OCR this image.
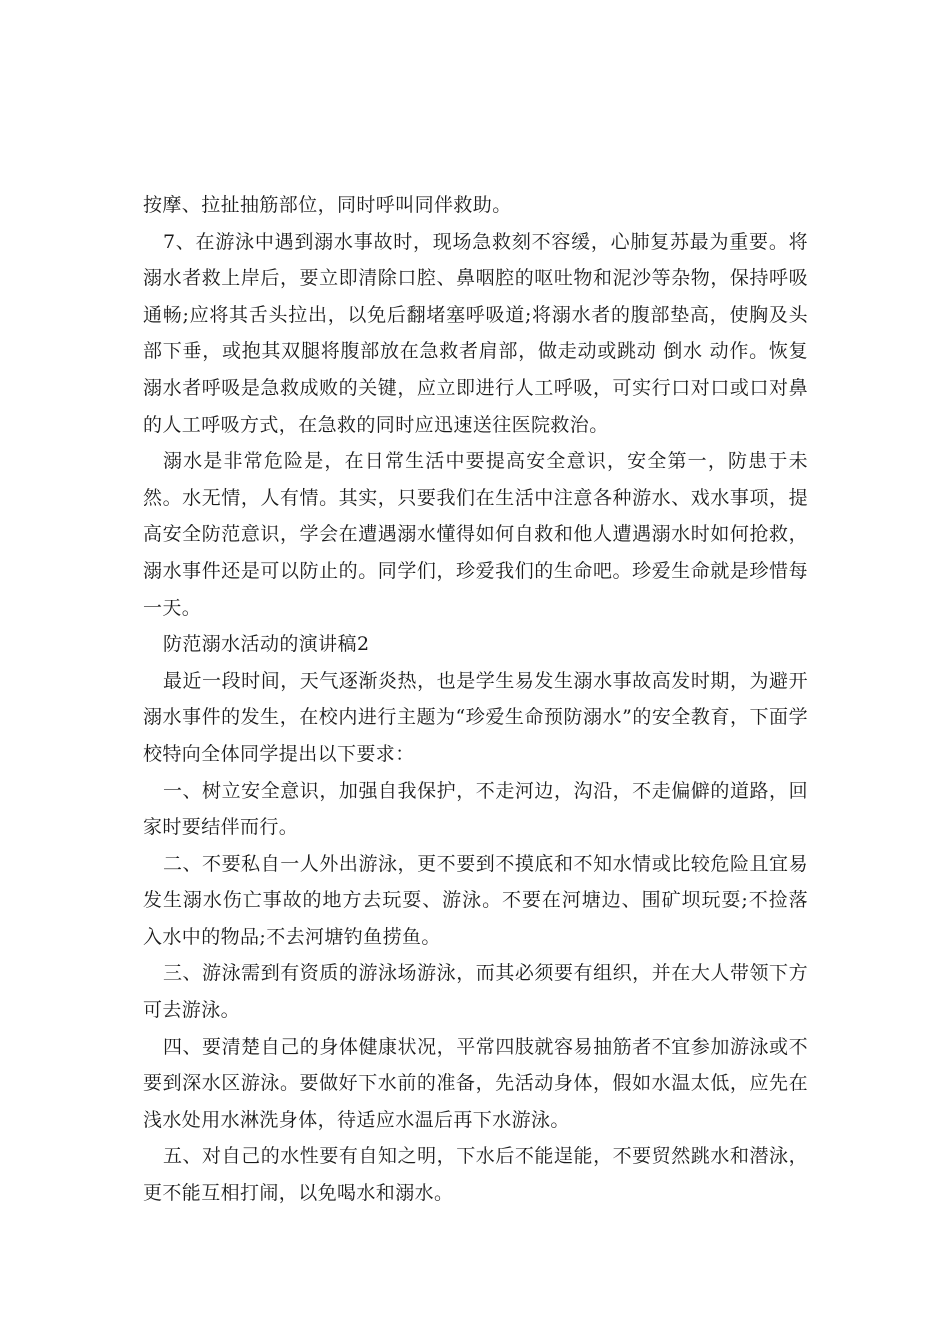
按摩、拉扯抽筋部位，同时呼叫同伴救助。

7、在游泳中遇到溺水事故时，现场急救刻不容缓，心肺复苏最为重要。将溺水者救上岸后，要立即清除口腔、鼻咽腔的呕吐物和泥沙等杂物，保持呼吸通畅;应将其舌头拉出，以免后翻堵塞呼吸道;将溺水者的腹部垫高，使胸及头部下垂，或抱其双腿将腹部放在急救者肩部，做走动或跳动 倒水 动作。恢复溺水者呼吸是急救成败的关键，应立即进行人工呼吸，可实行口对口或口对鼻的人工呼吸方式，在急救的同时应迅速送往医院救治。

溺水是非常危险是，在日常生活中要提高安全意识，安全第一，防患于未然。水无情，人有情。其实，只要我们在生活中注意各种游水、戏水事项，提高安全防范意识，学会在遭遇溺水懂得如何自救和他人遭遇溺水时如何抢救，溺水事件还是可以防止的。同学们，珍爱我们的生命吧。珍爱生命就是珍惜每一天。

防范溺水活动的演讲稿2

最近一段时间，天气逐渐炎热，也是学生易发生溺水事故高发时期，为避开溺水事件的发生，在校内进行主题为“珍爱生命预防溺水”的安全教育，下面学校特向全体同学提出以下要求：

一、树立安全意识，加强自我保护，不走河边，沟沿，不走偏僻的道路，回家时要结伴而行。

二、不要私自一人外出游泳，更不要到不摸底和不知水情或比较危险且宜易发生溺水伤亡事故的地方去玩耍、游泳。不要在河塘边、围矿坝玩耍;不捡落入水中的物品;不去河塘钓鱼捞鱼。

三、游泳需到有资质的游泳场游泳，而其必须要有组织，并在大人带领下方可去游泳。

四、要清楚自己的身体健康状况，平常四肢就容易抽筋者不宜参加游泳或不要到深水区游泳。要做好下水前的准备，先活动身体，假如水温太低，应先在浅水处用水淋洗身体，待适应水温后再下水游泳。

五、对自己的水性要有自知之明，下水后不能逞能，不要贸然跳水和潜泳，更不能互相打闹，以免喝水和溺水。
